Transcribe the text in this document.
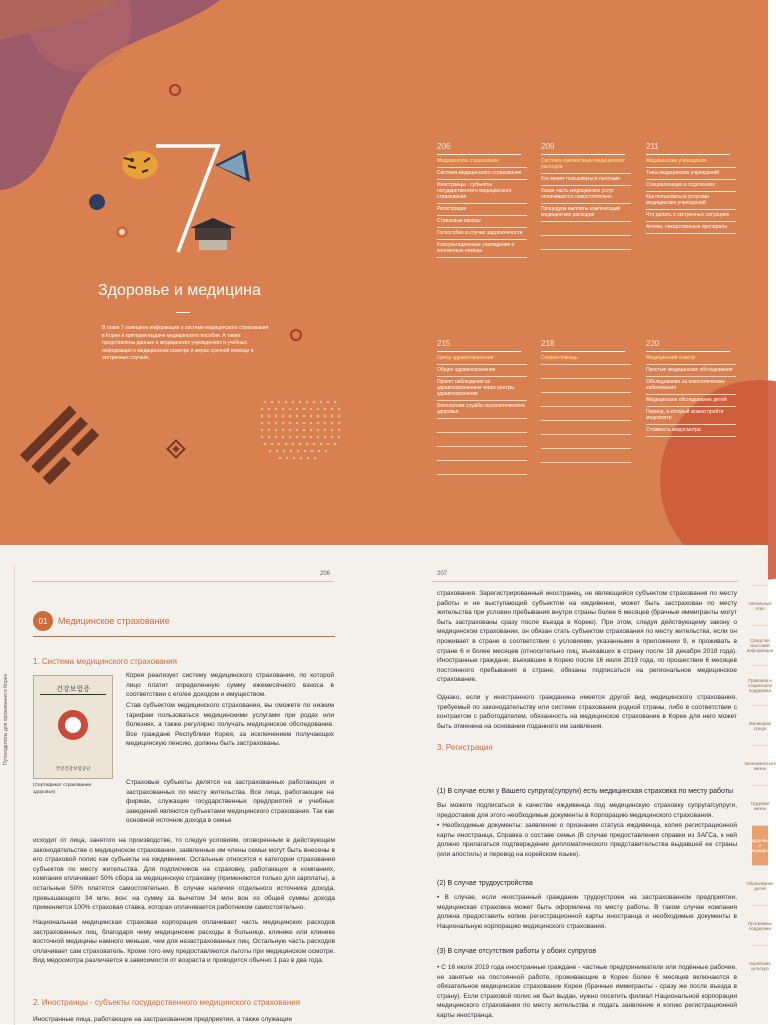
Здоровье и медицина
В главе 7 освещена информация о системе медицинского страхования в Корее и критерии выдачи медицинского пособия. А также представлены данные о медицинских учреждениях и учебных информация о медицинском осмотре и мерах срочной помощи в экстренных случаях.
206
Медицинское страхование
Система медицинского страхования
Иностранцы - субъекты государственного медицинского страхования
Регистрация
Страховые взносы
Госпособие в случае задолженности
Консультационные учреждения и контактные номера
209
Система компенсации медицинских расходов
Кто может пользоваться льготами
Какая часть медицинских услуг оплачивается самостоятельно
Процедура выплаты компенсаций медицинских расходов
211
Медицинские учреждения
Типы медицинских учреждений
Специализация в отделениях
Как пользоваться услугами медицинских учреждений
Что делать в экстренных ситуациях
Аптеки, лекарственные препараты
215
Центр здравоохранения
Общее здравоохранение
Проект наблюдения за здравоохранением через центры здравоохранения
Бесплатная служба психологического здоровья
218
Скорая помощь
220
Медицинский осмотр
Простые медицинские обследования
Обследование на онкологические заболевания
Медицинское обследование детей
Период, в который можно пройти медосмотр
Стоимость медосмотра
Путеводитель для проживания в Корее
206	207
01	Медицинское страхование
1. Система медицинского страхования
건강보험증
국민건강보험공단
(Сертификат страхования здоровья)
Корея реализует систему медицинского страхования, по которой лицо платит определенную сумму ежемесячного взноса в соответствии с его/ее доходом и имуществом.
Став субъектом медицинского страхования, вы сможете по низким тарифам пользоваться медицинскими услугами при родах или болезнях, а также регулярно получать медицинское обследование. Все граждане Республики Корея, за исключением получающих медицинскую пенсию, должны быть застрахованы.
Страховые субъекты делятся на застрахованных работающих и застрахованных по месту жительства. Все лица, работающие на фирмах, служащие государственных предприятий и учебных заведений являются субъектами медицинского страхования. Так как основной источник дохода в семье
исходит от лица, занятого на производстве, то следуя условиям, оговоренным в действующем законодательстве о медицинском страховании, заявленные им члены семьи могут быть внесены в его страховой полис как субъекты на иждивении. Остальные относятся к категории страхования субъектов по месту жительства. Для подписчиков на страховку, работающих в компаниях, компания оплачивает 50% сбора за медицинскую страховку (применяются только для зарплаты), а остальные 50% платятся самостоятельно. В случае наличия отдельного источника дохода, превышающего 34 млн. вон: на сумму за вычетом 34 млн вон из общей суммы дохода применяется 100% страховая ставка, которая оплачивается работником самостоятельно.
Национальная медицинская страховая корпорация оплачивает часть медицинских расходов застрахованных лиц, благодаря чему медицинские расходы в больнице, клинике или клинике восточной медицины намного меньше, чем для незастрахованных лиц. Остальную часть расходов оплачивает сам страхователь. Кроме того ему предоставляются льготы при медицинском осмотре. Вид медосмотра различается в зависимости от возраста и проводится обычно 1 раз в два года.
2. Иностранцы - субъекты государственного медицинского страхования
Иностранные лица, работающие на застрахованном предприятии, а также служащие
страхования. Зарегистрированный иностранец, не являющийся субъектом страхования по месту работы и не выступающий субъектом на иждивении, может быть застрахован по месту жительства при условии пребывания внутри страны более 6 месяцев (брачные иммигранты могут быть застрахованы сразу после въезда в Корею). При этом, следуя действующему закону о медицинском страховании, он обязан стать субъектом страхования по месту жительства, если он проживает в стране в соответствии с условиями, указанными в приложении 9, и проживать в стране 6 и более месяцев (относительно лиц, въехавших в страну после 18 декабря 2018 года). Иностранные граждане, въехавшие в Корею после 16 июля 2019 года, по прошествии 6 месяцев постоянного пребывания в стране, обязаны подписаться на региональное медицинское страхование.
Однако, если у иностранного гражданина имеется другой вид медицинского страхования, требуемый по законодательству или системе страхования родной страны, либо в соответствии с контрактом с работодателем, обязанность на медицинское страхование в Корее для него может быть отменена на основании поданного им заявления.
3. Регистрация
(1) В случае если у Вашего супруга(супруги) есть медицинская страховка по месту работы
Вы можете подписаться в качестве иждивенца под медицинскую страховку супруга/супруги, предоставив для этого необходимые документы в Корпорацию медицинского страхования.
• Необходимые документы: заявление о признании статуса иждивенца, копия регистрационной карты иностранца, Справка о составе семьи (В случае предоставления справки из ЗАГСа, к ней должно прилагаться подтверждение дипломатического представительства выдавшей ее страны (или апостиль) и перевод на корейском языке).
(2) В случае трудоустройства
• В случае, если иностранный гражданин трудоустроен на застрахованном предприятии, медицинская страховка может быть оформлена по месту работы. В таком случае компания должна предоставить копию регистрационной карты иностранца и необходимые документы в Национальную корпорацию медицинского страхования.
(3) В случае отсутствия работы у обоих супругов
• С 16 июля 2019 года иностранные граждане - частные предприниматели или подённые рабочие, не занятые на постоянной работе, проживающие в Корее более 6 месяцев включаются в обязательное медицинское страхование Кореи (брачные иммигранты - сразу же после въезда в страну). Если страховой полис не был выдан, нужно посетить филиал Национальной корпорации медицинского страхования по месту жительства и подать заявление и копию регистрационной карты иностранца.
Начальный этап
Средства массовой информации
Правовая и социальная поддержка
Жилищная среда
Экономическая жизнь
Трудовая жизнь
Здоровье и медицина
Образование детей
Программы поддержки
Корейская культура
